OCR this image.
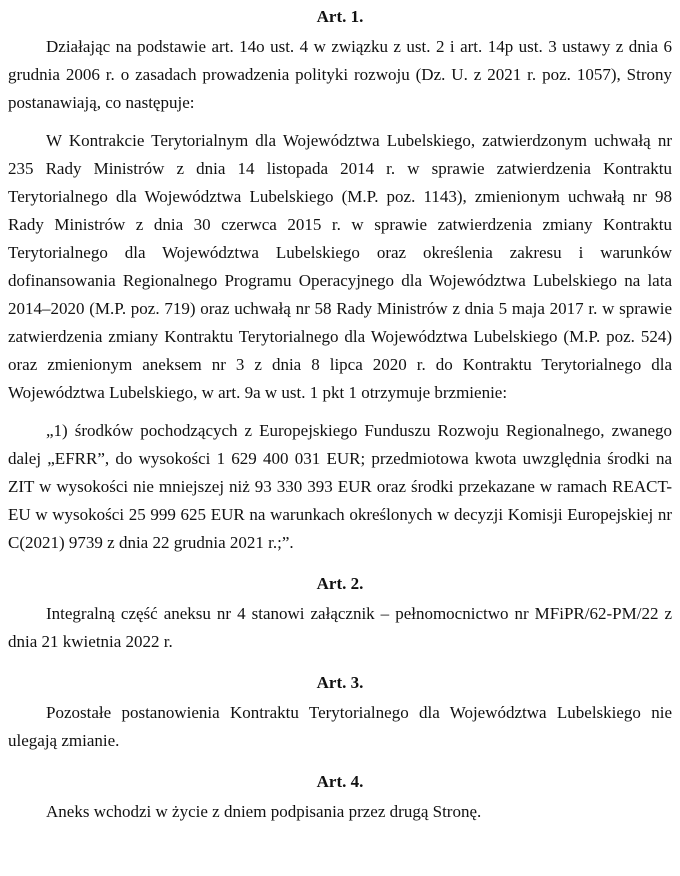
Art. 1.

Działając na podstawie art. 14o ust. 4 w związku z ust. 2 i art. 14p ust. 3 ustawy z dnia 6 grudnia 2006 r. o zasadach prowadzenia polityki rozwoju (Dz. U. z 2021 r. poz. 1057), Strony postanawiają, co następuje:

W Kontrakcie Terytorialnym dla Województwa Lubelskiego, zatwierdzonym uchwałą nr 235 Rady Ministrów z dnia 14 listopada 2014 r. w sprawie zatwierdzenia Kontraktu Terytorialnego dla Województwa Lubelskiego (M.P. poz. 1143), zmienionym uchwałą nr 98 Rady Ministrów z dnia 30 czerwca 2015 r. w sprawie zatwierdzenia zmiany Kontraktu Terytorialnego dla Województwa Lubelskiego oraz określenia zakresu i warunków dofinansowania Regionalnego Programu Operacyjnego dla Województwa Lubelskiego na lata 2014–2020 (M.P. poz. 719) oraz uchwałą nr 58 Rady Ministrów z dnia 5 maja 2017 r. w sprawie zatwierdzenia zmiany Kontraktu Terytorialnego dla Województwa Lubelskiego (M.P. poz. 524) oraz zmienionym aneksem nr 3 z dnia 8 lipca 2020 r. do Kontraktu Terytorialnego dla Województwa Lubelskiego, w art. 9a w ust. 1 pkt 1 otrzymuje brzmienie:

„1) środków pochodzących z Europejskiego Funduszu Rozwoju Regionalnego, zwanego dalej „EFRR”, do wysokości 1 629 400 031 EUR; przedmiotowa kwota uwzględnia środki na ZIT w wysokości nie mniejszej niż 93 330 393 EUR oraz środki przekazane w ramach REACT-EU w wysokości 25 999 625 EUR na warunkach określonych w decyzji Komisji Europejskiej nr C(2021) 9739 z dnia 22 grudnia 2021 r.;”.

Art. 2.

Integralną część aneksu nr 4 stanowi załącznik – pełnomocnictwo nr MFiPR/62-PM/22 z dnia 21 kwietnia 2022 r.

Art. 3.

Pozostałe postanowienia Kontraktu Terytorialnego dla Województwa Lubelskiego nie ulegają zmianie.

Art. 4.

Aneks wchodzi w życie z dniem podpisania przez drugą Stronę.
